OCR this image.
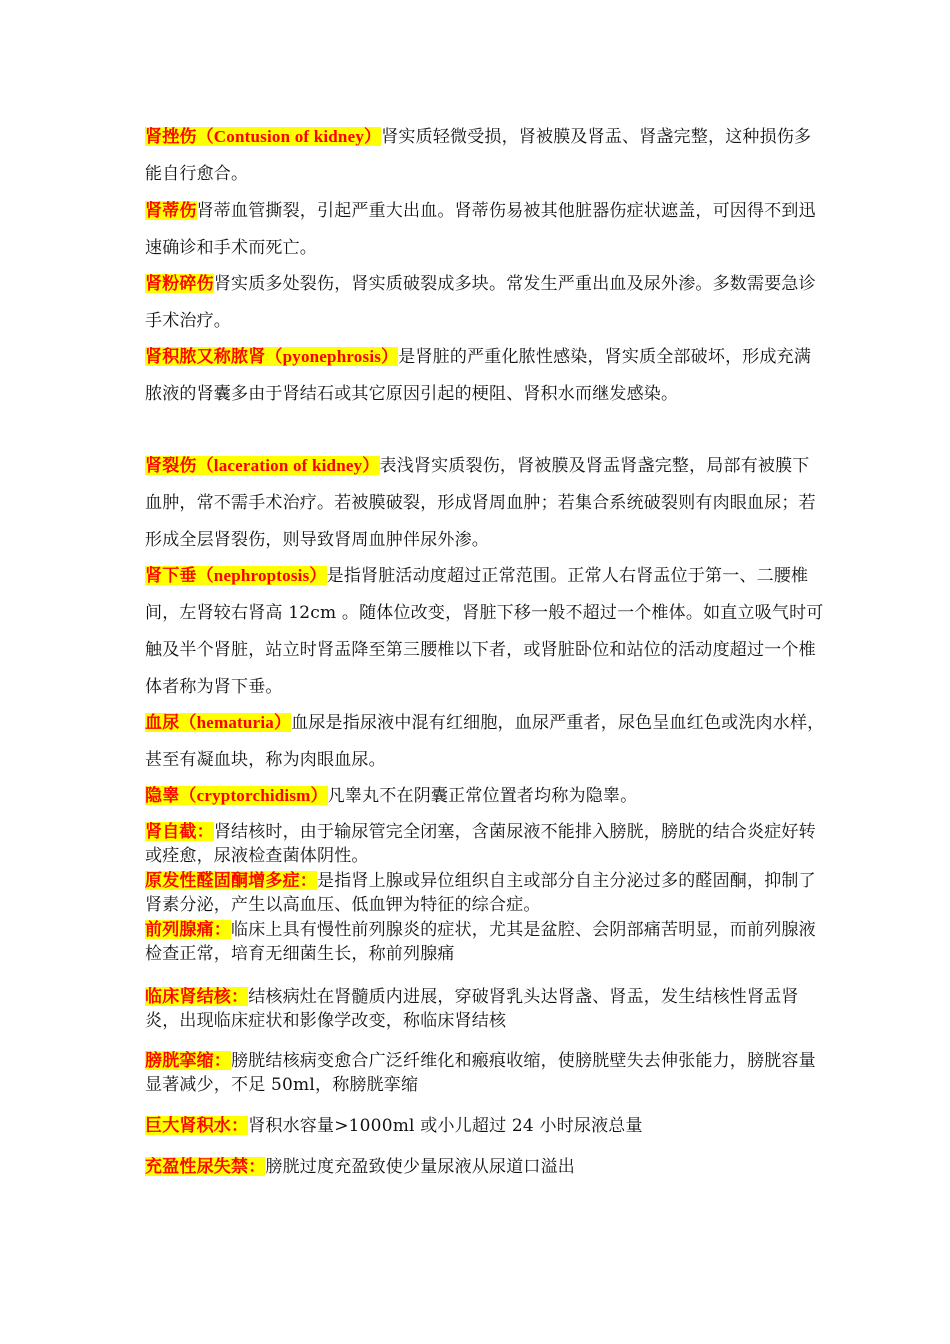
肾挫伤（Contusion of kidney）肾实质轻微受损，肾被膜及肾盂、肾盏完整，这种损伤多能自行愈合。

肾蒂伤肾蒂血管撕裂，引起严重大出血。肾蒂伤易被其他脏器伤症状遮盖，可因得不到迅速确诊和手术而死亡。

肾粉碎伤肾实质多处裂伤，肾实质破裂成多块。常发生严重出血及尿外渗。多数需要急诊手术治疗。

肾积脓又称脓肾（pyonephrosis）是肾脏的严重化脓性感染，肾实质全部破坏，形成充满脓液的肾囊多由于肾结石或其它原因引起的梗阻、肾积水而继发感染。

肾裂伤（laceration of kidney）表浅肾实质裂伤，肾被膜及肾盂肾盏完整，局部有被膜下血肿，常不需手术治疗。若被膜破裂，形成肾周血肿；若集合系统破裂则有肉眼血尿；若形成全层肾裂伤，则导致肾周血肿伴尿外渗。

肾下垂（nephroptosis）是指肾脏活动度超过正常范围。正常人右肾盂位于第一、二腰椎间，左肾较右肾高 12cm 。随体位改变，肾脏下移一般不超过一个椎体。如直立吸气时可触及半个肾脏，站立时肾盂降至第三腰椎以下者，或肾脏卧位和站位的活动度超过一个椎体者称为肾下垂。

血尿（hematuria）血尿是指尿液中混有红细胞，血尿严重者，尿色呈血红色或洗肉水样，甚至有凝血块，称为肉眼血尿。

隐睾（cryptorchidism）凡睾丸不在阴囊正常位置者均称为隐睾。

肾自截：肾结核时，由于输尿管完全闭塞，含菌尿液不能排入膀胱，膀胱的结合炎症好转或痊愈，尿液检查菌体阴性。

原发性醛固酮增多症：是指肾上腺或异位组织自主或部分自主分泌过多的醛固酮，抑制了肾素分泌，产生以高血压、低血钾为特征的综合症。

前列腺痛：临床上具有慢性前列腺炎的症状，尤其是盆腔、会阴部痛苦明显，而前列腺液检查正常，培育无细菌生长，称前列腺痛

临床肾结核：结核病灶在肾髓质内进展，穿破肾乳头达肾盏、肾盂，发生结核性肾盂肾炎，出现临床症状和影像学改变，称临床肾结核

膀胱挛缩：膀胱结核病变愈合广泛纤维化和瘢痕收缩，使膀胱壁失去伸张能力，膀胱容量显著减少，不足 50ml，称膀胱挛缩

巨大肾积水：肾积水容量>1000ml 或小儿超过 24 小时尿液总量

充盈性尿失禁：膀胱过度充盈致使少量尿液从尿道口溢出
